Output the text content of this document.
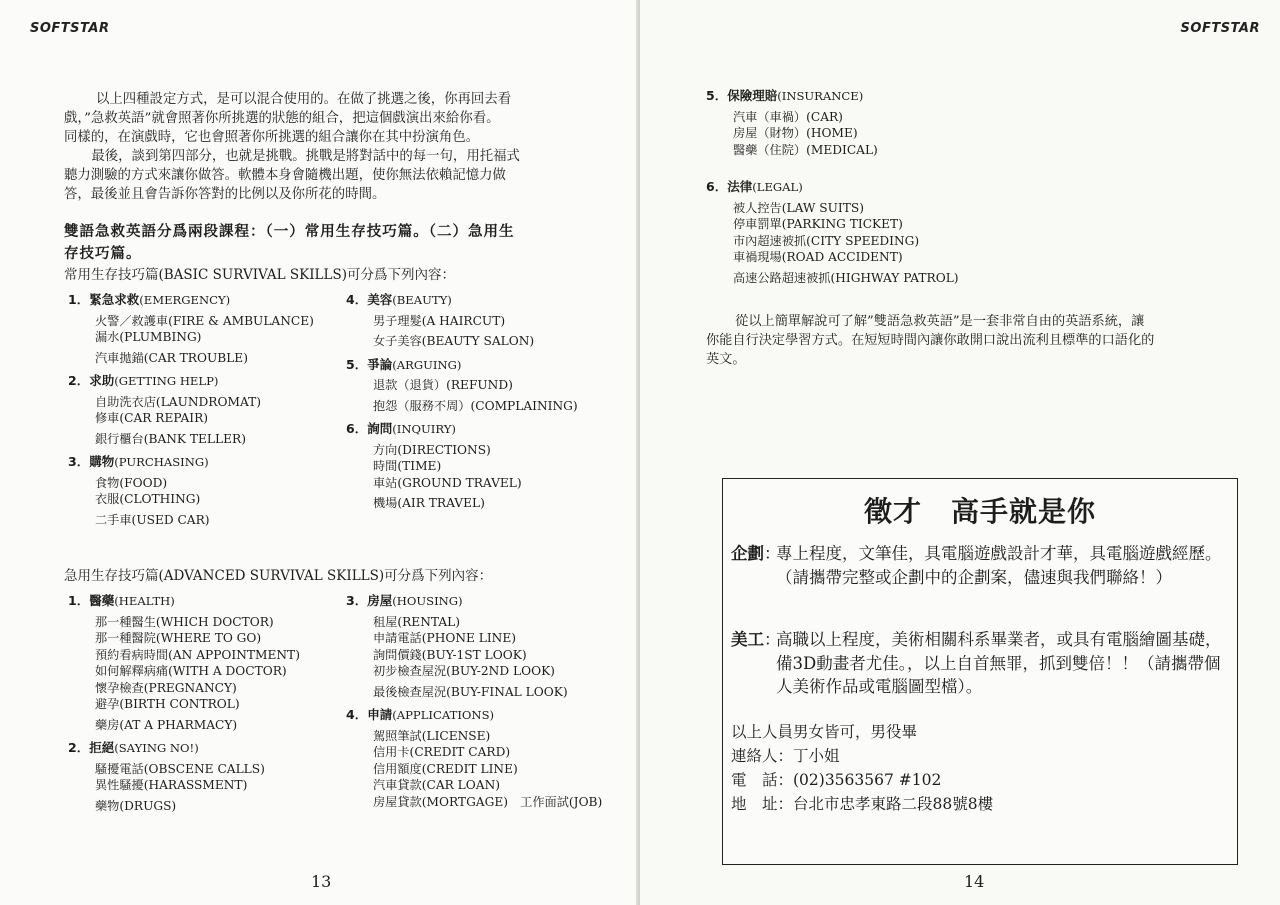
SOFTSTAR

以上四種設定方式，是可以混合使用的。在做了挑選之後，你再回去看

戲，”急救英語”就會照著你所挑選的狀態的組合，把這個戲演出來給你看。

同樣的，在演戲時，它也會照著你所挑選的組合讓你在其中扮演角色。

　最後，談到第四部分，也就是挑戰。挑戰是將對話中的每一句，用托福式

聽力測驗的方式來讓你做答。軟體本身會隨機出題，使你無法依賴記憶力做

答，最後並且會告訴你答對的比例以及你所花的時間。

雙語急救英語分爲兩段課程：（一）常用生存技巧篇。（二）急用生
存技巧篇。
常用生存技巧篇(BASIC SURVIVAL SKILLS)可分爲下列內容：
1．緊急求救(EMERGENCY)
火警／救護車(FIRE & AMBULANCE)
漏水(PLUMBING)
汽車拋錨(CAR TROUBLE)
2．求助(GETTING HELP)
自助洗衣店(LAUNDROMAT)
修車(CAR REPAIR)
銀行櫃台(BANK TELLER)
3．購物(PURCHASING)
食物(FOOD)
衣服(CLOTHING)
二手車(USED CAR)
4．美容(BEAUTY)
男子理髮(A HAIRCUT)
女子美容(BEAUTY SALON)
5．爭論(ARGUING)
退款（退貨）(REFUND)
抱怨（服務不周）(COMPLAINING)
6．詢問(INQUIRY)
方向(DIRECTIONS)
時間(TIME)
車站(GROUND TRAVEL)
機場(AIR TRAVEL)
急用生存技巧篇(ADVANCED SURVIVAL SKILLS)可分爲下列內容：
1．醫藥(HEALTH)
那一種醫生(WHICH DOCTOR)
那一種醫院(WHERE TO GO)
預約看病時間(AN APPOINTMENT)
如何解釋病痛(WITH A DOCTOR)
懷孕檢查(PREGNANCY)
避孕(BIRTH CONTROL)
藥房(AT A PHARMACY)
2．拒絕(SAYING NO!)
騷擾電話(OBSCENE CALLS)
異性騷擾(HARASSMENT)
藥物(DRUGS)
3．房屋(HOUSING)
租屋(RENTAL)
申請電話(PHONE LINE)
詢問價錢(BUY-1ST LOOK)
初步檢查屋況(BUY-2ND LOOK)
最後檢查屋況(BUY-FINAL LOOK)
4．申請(APPLICATIONS)
駕照筆試(LICENSE)
信用卡(CREDIT CARD)
信用額度(CREDIT LINE)
汽車貸款(CAR LOAN)
房屋貸款(MORTGAGE)　工作面試(JOB)
13
SOFTSTAR
14
5．保險理賠(INSURANCE)
汽車（車禍）(CAR)
房屋（財物）(HOME)
醫藥（住院）(MEDICAL)
6．法律(LEGAL)
被人控告(LAW SUITS)
停車罰單(PARKING TICKET)
市內超速被抓(CITY SPEEDING)
車禍現場(ROAD ACCIDENT)
高速公路超速被抓(HIGHWAY PATROL)

　從以上簡單解說可了解”雙語急救英語”是一套非常自由的英語系統，讓

你能自行決定學習方式。在短短時間內讓你敢開口說出流利且標準的口語化的

英文。

徵才　高手就是你
企劃 ：
專上程度，文筆佳，具電腦遊戲設計才華，具電腦遊戲經歷。（請攜帶完整或企劃中的企劃案，儘速與我們聯絡！）
美工 ：
高職以上程度，美術相關科系畢業者，或具有電腦繪圖基礎，備3D動畫者尤佳。，以上自首無罪，抓到雙倍！！（請攜帶個人美術作品或電腦圖型檔）。
以上人員男女皆可，男役畢
連絡人：丁小姐
電　話：(02)3563567 #102
地　址：台北市忠孝東路二段88號8樓
